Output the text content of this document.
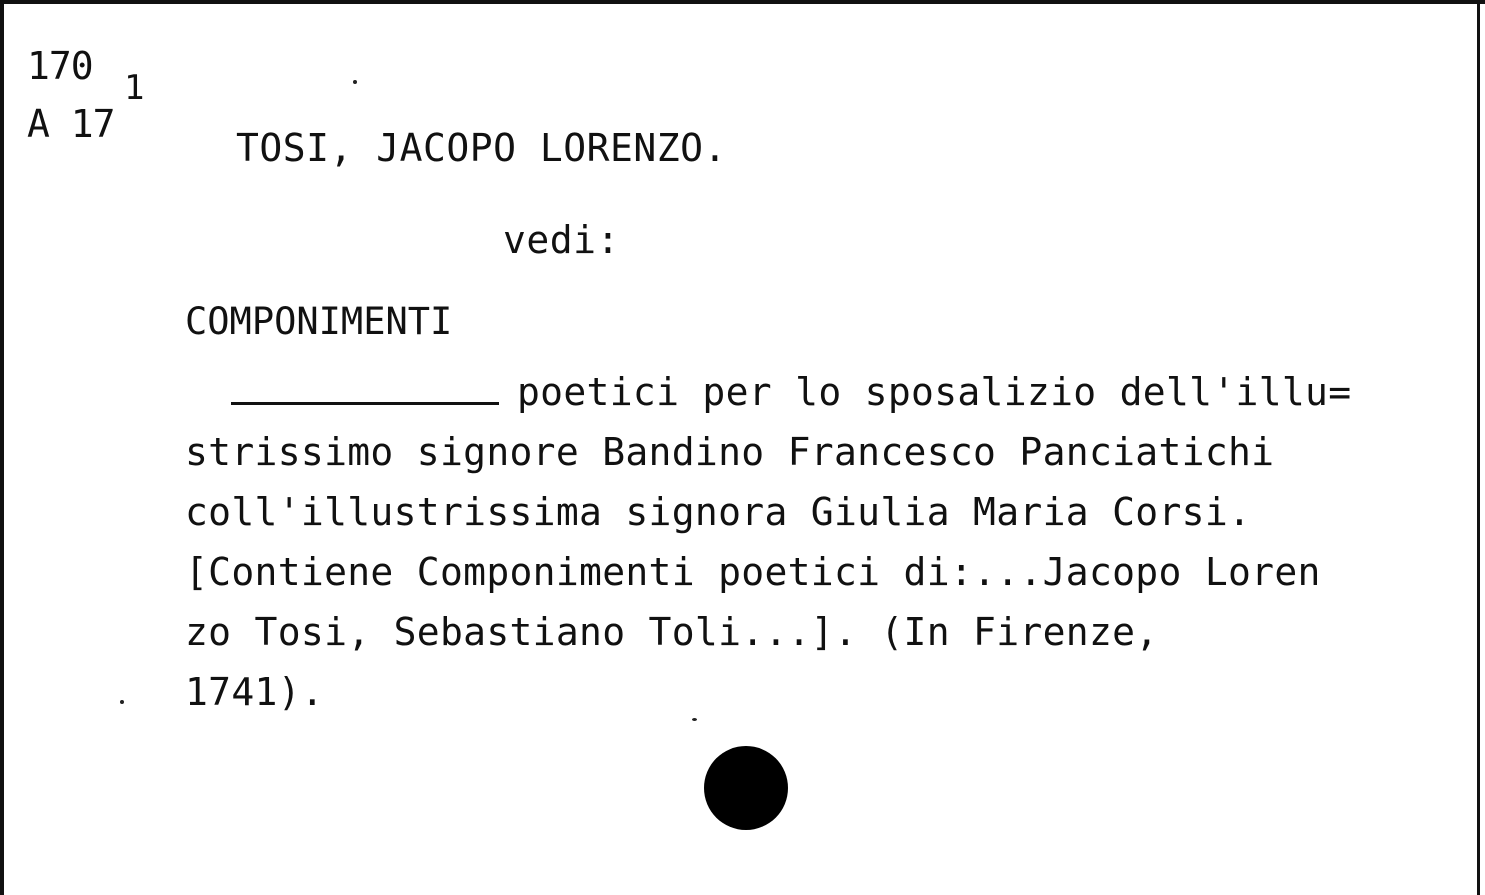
170 1
A 17
TOSI, JACOPO LORENZO.
vedi:
COMPONIMENTI
poetici per lo sposalizio dell'illu=
strissimo signore Bandino Francesco Panciatichi
coll'illustrissima signora Giulia Maria Corsi.
[Contiene Componimenti poetici di:...Jacopo Loren
zo Tosi, Sebastiano Toli...]. (In Firenze,
1741).
